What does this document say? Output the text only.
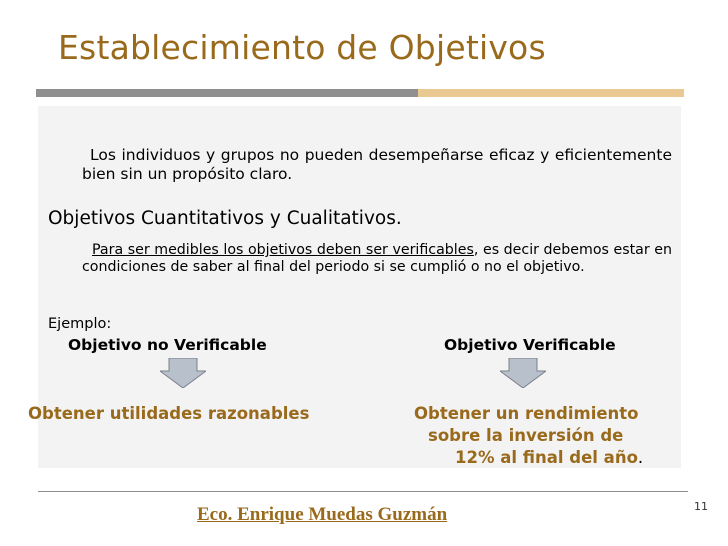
Establecimiento de Objetivos
Los individuos y grupos no pueden desempeñarse eficaz y eficientemente bien sin un propósito claro.
Objetivos Cuantitativos y Cualitativos.
Para ser medibles los objetivos deben ser verificables, es decir debemos estar en condiciones de saber al final del periodo si se cumplió o no el objetivo.
Ejemplo:
Objetivo no Verificable	Objetivo Verificable
Obtener utilidades razonables	Obtener un rendimiento
sobre la inversión de
12% al final del año.
Eco. Enrique Muedas Guzmán	11
